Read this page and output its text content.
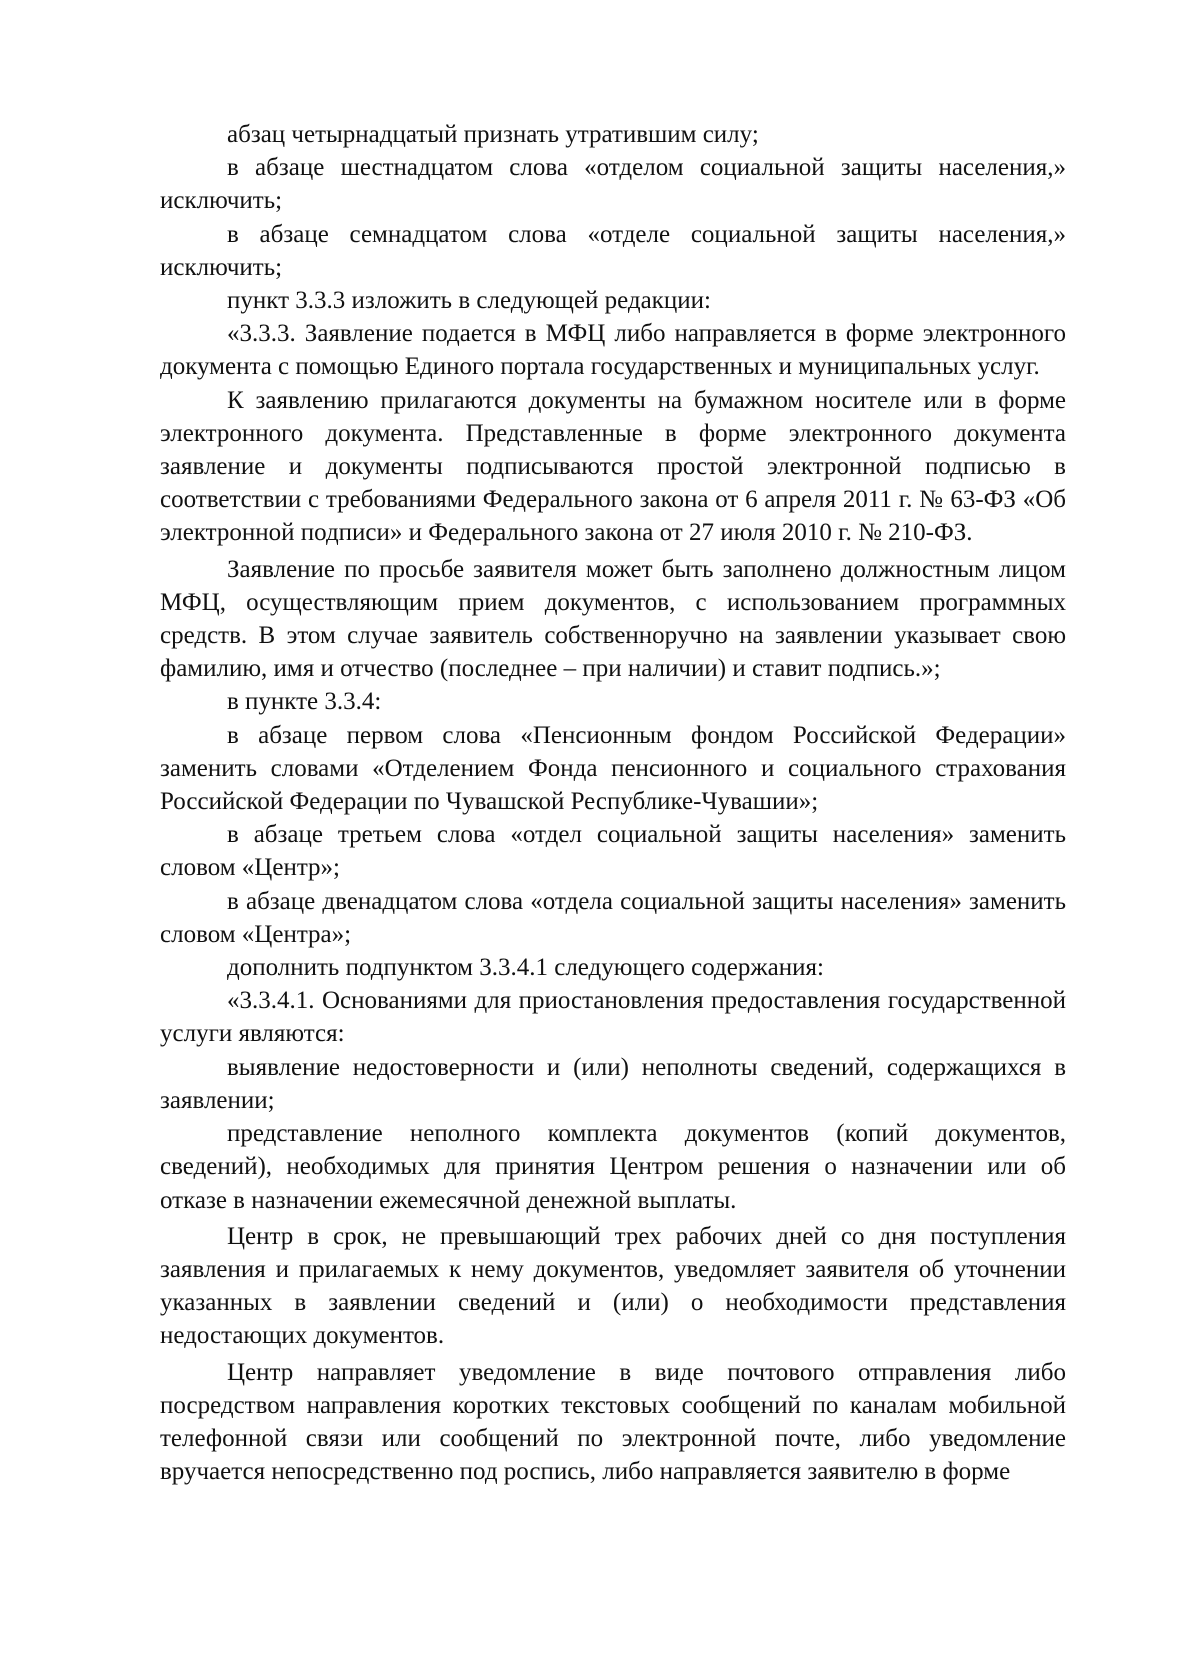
абзац четырнадцатый признать утратившим силу;

в абзаце шестнадцатом слова «отделом социальной защиты населения,» исключить;

в абзаце семнадцатом слова «отделе социальной защиты населения,» исключить;

пункт 3.3.3 изложить в следующей редакции:

«3.3.3. Заявление подается в МФЦ либо направляется в форме электронного документа с помощью Единого портала государственных и муниципальных услуг.

К заявлению прилагаются документы на бумажном носителе или в форме электронного документа. Представленные в форме электронного документа заявление и документы подписываются простой электронной подписью в соответствии с требованиями Федерального закона от 6 апреля 2011 г. № 63-ФЗ «Об электронной подписи» и Федерального закона от 27 июля 2010 г. № 210-ФЗ.

Заявление по просьбе заявителя может быть заполнено должностным лицом МФЦ, осуществляющим прием документов, с использованием программных средств. В этом случае заявитель собственноручно на заявлении указывает свою фамилию, имя и отчество (последнее – при наличии) и ставит подпись.»;

в пункте 3.3.4:

в абзаце первом слова «Пенсионным фондом Российской Федерации» заменить словами «Отделением Фонда пенсионного и социального страхования Российской Федерации по Чувашской Республике-Чувашии»;

в абзаце третьем слова «отдел социальной защиты населения» заменить словом «Центр»;

в абзаце двенадцатом слова «отдела социальной защиты населения» заменить словом «Центра»;

дополнить подпунктом 3.3.4.1 следующего содержания:

«3.3.4.1. Основаниями для приостановления предоставления государственной услуги являются:

выявление недостоверности и (или) неполноты сведений, содержащихся в заявлении;

представление неполного комплекта документов (копий документов, сведений), необходимых для принятия Центром решения о назначении или об отказе в назначении ежемесячной денежной выплаты.

Центр в срок, не превышающий трех рабочих дней со дня поступления заявления и прилагаемых к нему документов, уведомляет заявителя об уточнении указанных в заявлении сведений и (или) о необходимости представления недостающих документов.

Центр направляет уведомление в виде почтового отправления либо посредством направления коротких текстовых сообщений по каналам мобильной телефонной связи или сообщений по электронной почте, либо уведомление вручается непосредственно под роспись, либо направляется заявителю в форме
